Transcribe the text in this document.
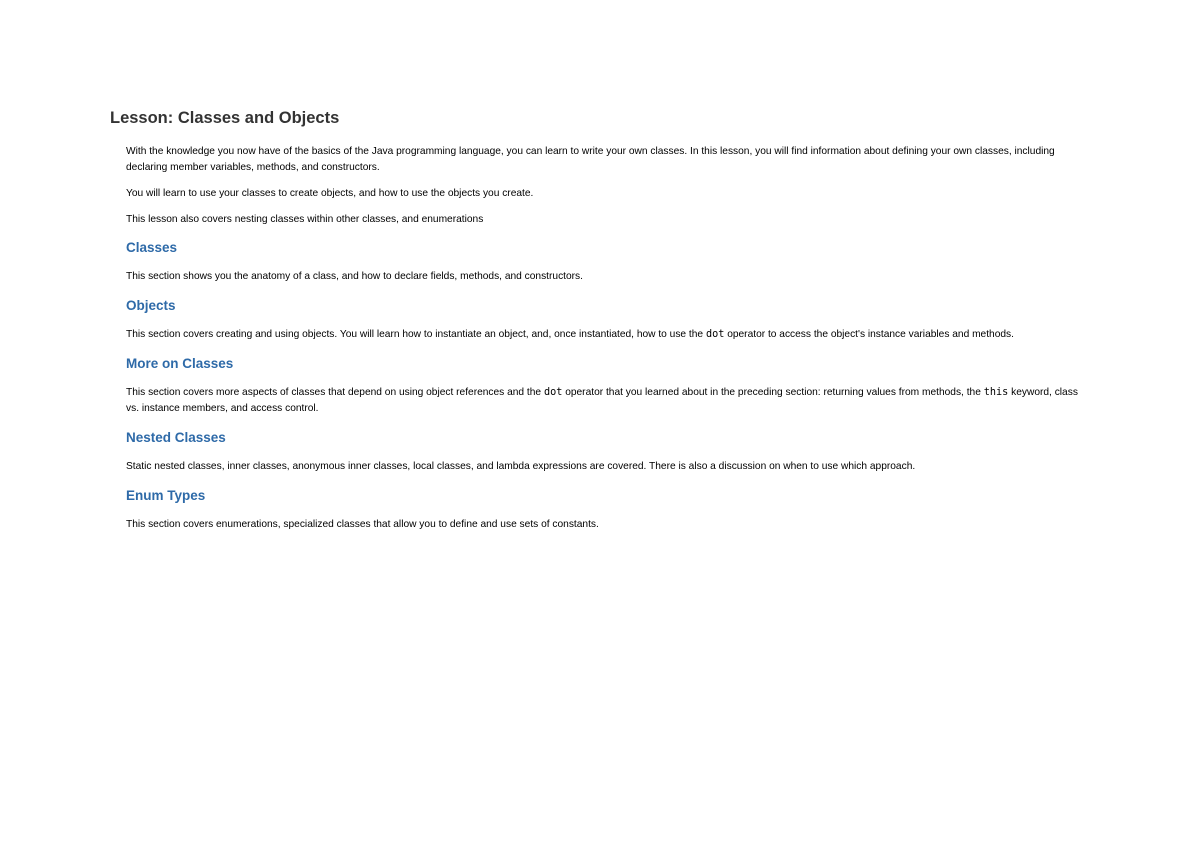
Lesson: Classes and Objects

With the knowledge you now have of the basics of the Java programming language, you can learn to write your own classes. In this lesson, you will find information about defining your own classes, including declaring member variables, methods, and constructors.

You will learn to use your classes to create objects, and how to use the objects you create.

This lesson also covers nesting classes within other classes, and enumerations

Classes

This section shows you the anatomy of a class, and how to declare fields, methods, and constructors.

Objects

This section covers creating and using objects. You will learn how to instantiate an object, and, once instantiated, how to use the dot operator to access the object's instance variables and methods.

More on Classes

This section covers more aspects of classes that depend on using object references and the dot operator that you learned about in the preceding section: returning values from methods, the this keyword, class vs. instance members, and access control.

Nested Classes

Static nested classes, inner classes, anonymous inner classes, local classes, and lambda expressions are covered. There is also a discussion on when to use which approach.

Enum Types

This section covers enumerations, specialized classes that allow you to define and use sets of constants.
